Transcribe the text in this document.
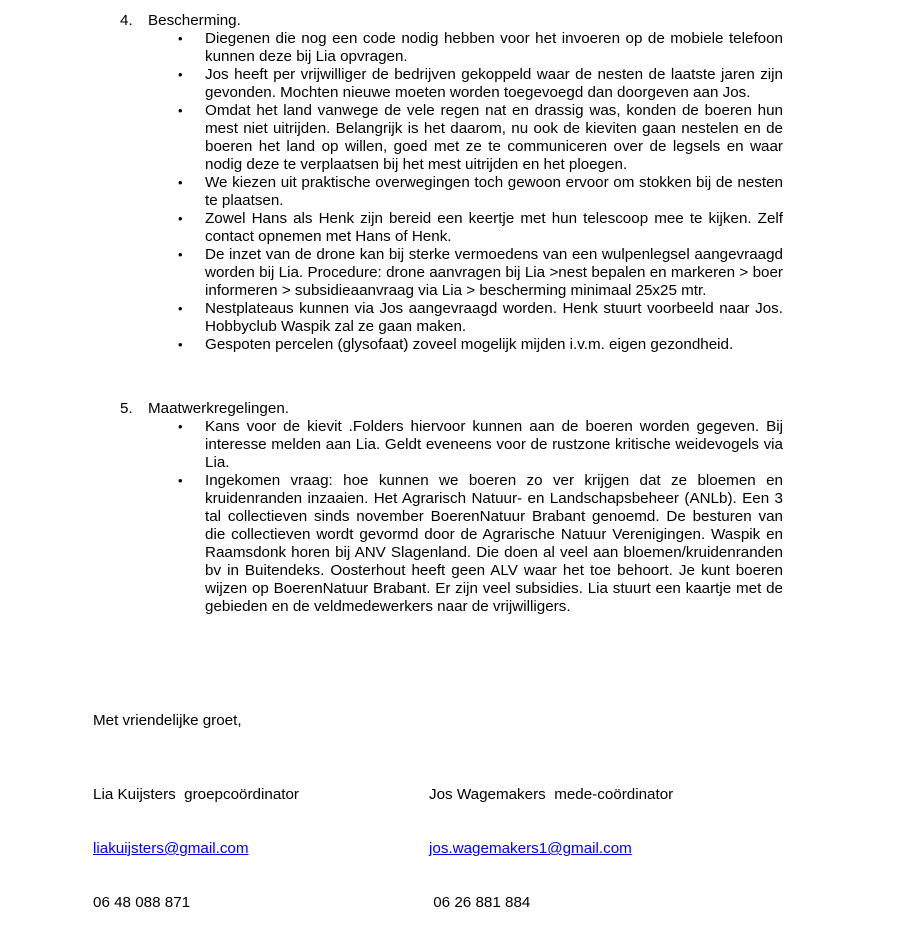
4. Bescherming.
• Diegenen die nog een code nodig hebben voor het invoeren op de mobiele telefoon kunnen deze bij Lia opvragen.
• Jos heeft per vrijwilliger de bedrijven gekoppeld waar de nesten de laatste jaren zijn gevonden. Mochten nieuwe moeten worden toegevoegd dan doorgeven aan Jos.
• Omdat het land vanwege de vele regen nat en drassig was, konden de boeren hun mest niet uitrijden. Belangrijk is het daarom, nu ook de kieviten gaan nestelen en de boeren het land op willen, goed met ze te communiceren over de legsels en waar nodig deze te verplaatsen bij het mest uitrijden en het ploegen.
• We kiezen uit praktische overwegingen toch gewoon ervoor om stokken bij de nesten te plaatsen.
• Zowel Hans als Henk zijn bereid een keertje met hun telescoop mee te kijken. Zelf contact opnemen met Hans of Henk.
• De inzet van de drone kan bij sterke vermoedens van een wulpenlegsel aangevraagd worden bij Lia. Procedure: drone aanvragen bij Lia >nest bepalen en markeren > boer informeren > subsidieaanvraag via Lia > bescherming minimaal 25x25 mtr.
• Nestplateaus kunnen via Jos aangevraagd worden. Henk stuurt voorbeeld naar Jos. Hobbyclub Waspik zal ze gaan maken.
• Gespoten percelen (glysofaat) zoveel mogelijk mijden i.v.m. eigen gezondheid.
5. Maatwerkregelingen.
• Kans voor de kievit .Folders hiervoor kunnen aan de boeren worden gegeven. Bij interesse melden aan Lia. Geldt eveneens voor de rustzone kritische weidevogels via Lia.
• Ingekomen vraag: hoe kunnen we boeren zo ver krijgen dat ze bloemen en kruidenranden inzaaien. Het Agrarisch Natuur- en Landschapsbeheer (ANLb). Een 3 tal collectieven sinds november BoerenNatuur Brabant genoemd. De besturen van die collectieven wordt gevormd door de Agrarische Natuur Verenigingen. Waspik en Raamsdonk horen bij ANV Slagenland. Die doen al veel aan bloemen/kruidenranden bv in Buitendeks. Oosterhout heeft geen ALV waar het toe behoort. Je kunt boeren wijzen op BoerenNatuur Brabant. Er zijn veel subsidies. Lia stuurt een kaartje met de gebieden en de veldmedewerkers naar de vrijwilligers.
Met vriendelijke groet,

Lia Kuijsters  groepcoördinator

liakuijsters@gmail.com

06 48 088 871

Jos Wagemakers  mede-coördinator

jos.wagemakers1@gmail.com

06 26 881 884
